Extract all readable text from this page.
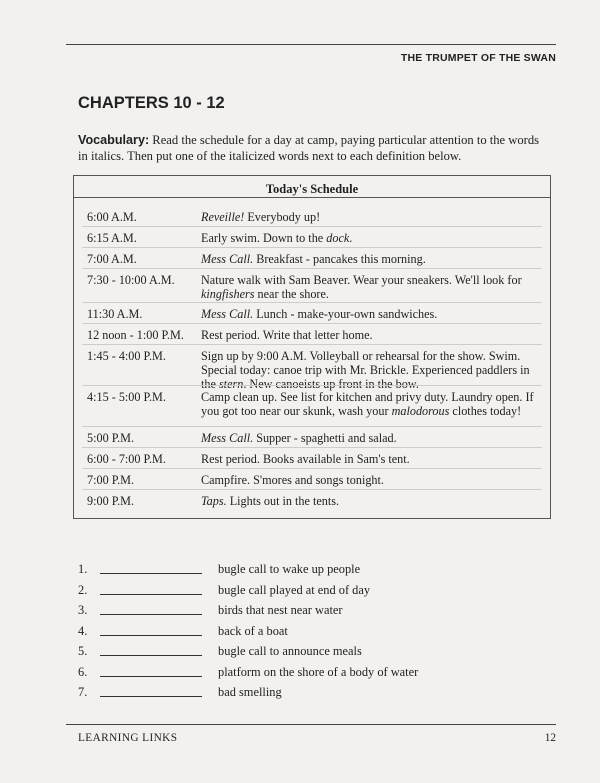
THE TRUMPET OF THE SWAN
CHAPTERS 10 - 12
Vocabulary: Read the schedule for a day at camp, paying particular attention to the words in italics. Then put one of the italicized words next to each definition below.
Today's Schedule
6:00 A.M.	Reveille! Everybody up!
6:15 A.M.	Early swim. Down to the dock.
7:00 A.M.	Mess Call. Breakfast - pancakes this morning.
7:30 - 10:00 A.M.	Nature walk with Sam Beaver. Wear your sneakers. We'll look for kingfishers near the shore.
11:30 A.M.	Mess Call. Lunch - make-your-own sandwiches.
12 noon - 1:00 P.M.	Rest period. Write that letter home.
1:45 - 4:00 P.M.	Sign up by 9:00 A.M. Volleyball or rehearsal for the show. Swim. Special today: canoe trip with Mr. Brickle. Experienced paddlers in the stern. New canoeists up front in the bow.
4:15 - 5:00 P.M.	Camp clean up. See list for kitchen and privy duty. Laundry open. If you got too near our skunk, wash your malodorous clothes today!
5:00 P.M.	Mess Call. Supper - spaghetti and salad.
6:00 - 7:00 P.M.	Rest period. Books available in Sam's tent.
7:00 P.M.	Campfire. S'mores and songs tonight.
9:00 P.M.	Taps. Lights out in the tents.
1.	bugle call to wake up people
2.	bugle call played at end of day
3.	birds that nest near water
4.	back of a boat
5.	bugle call to announce meals
6.	platform on the shore of a body of water
7.	bad smelling
LEARNING LINKS	12
